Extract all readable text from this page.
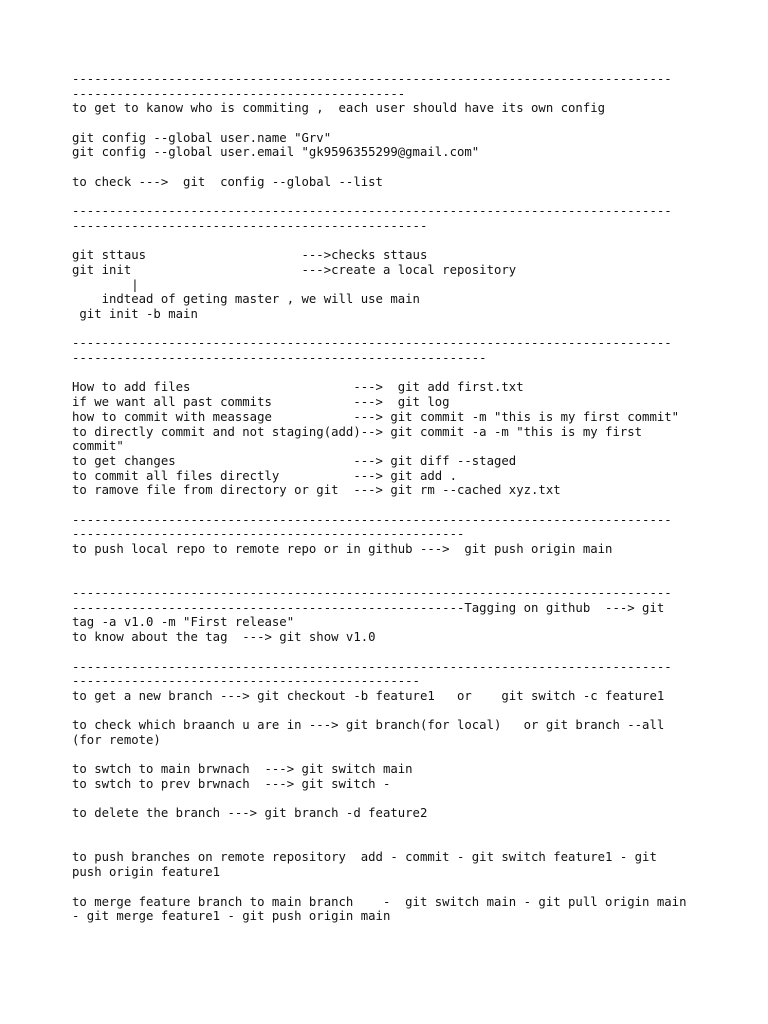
---------------------------------------------------------------------------------
---------------------------------------------
to get to kanow who is commiting ,  each user should have its own config
git config --global user.name "Grv"
git config --global user.email "gk9596355299@gmail.com"
to check --->  git  config --global --list
---------------------------------------------------------------------------------
------------------------------------------------
git sttaus                     --->checks sttaus
git init                       --->create a local repository
|
indtead of geting master , we will use main
git init -b main
---------------------------------------------------------------------------------
--------------------------------------------------------
How to add files                      --->  git add first.txt
if we want all past commits           --->  git log
how to commit with meassage           ---> git commit -m "this is my first commit"
to directly commit and not staging(add)--> git commit -a -m "this is my first
commit"
to get changes                        ---> git diff --staged
to commit all files directly          ---> git add .
to ramove file from directory or git  ---> git rm --cached xyz.txt
---------------------------------------------------------------------------------
-----------------------------------------------------
to push local repo to remote repo or in github --->  git push origin main
---------------------------------------------------------------------------------
-----------------------------------------------------Tagging on github  ---> git
tag -a v1.0 -m "First release"
to know about the tag  ---> git show v1.0
---------------------------------------------------------------------------------
-----------------------------------------------
to get a new branch ---> git checkout -b feature1   or    git switch -c feature1
to check which braanch u are in ---> git branch(for local)   or git branch --all
(for remote)
to swtch to main brwnach  ---> git switch main
to swtch to prev brwnach  ---> git switch -
to delete the branch ---> git branch -d feature2
to push branches on remote repository  add - commit - git switch feature1 - git
push origin feature1
to merge feature branch to main branch    -  git switch main - git pull origin main
- git merge feature1 - git push origin main
